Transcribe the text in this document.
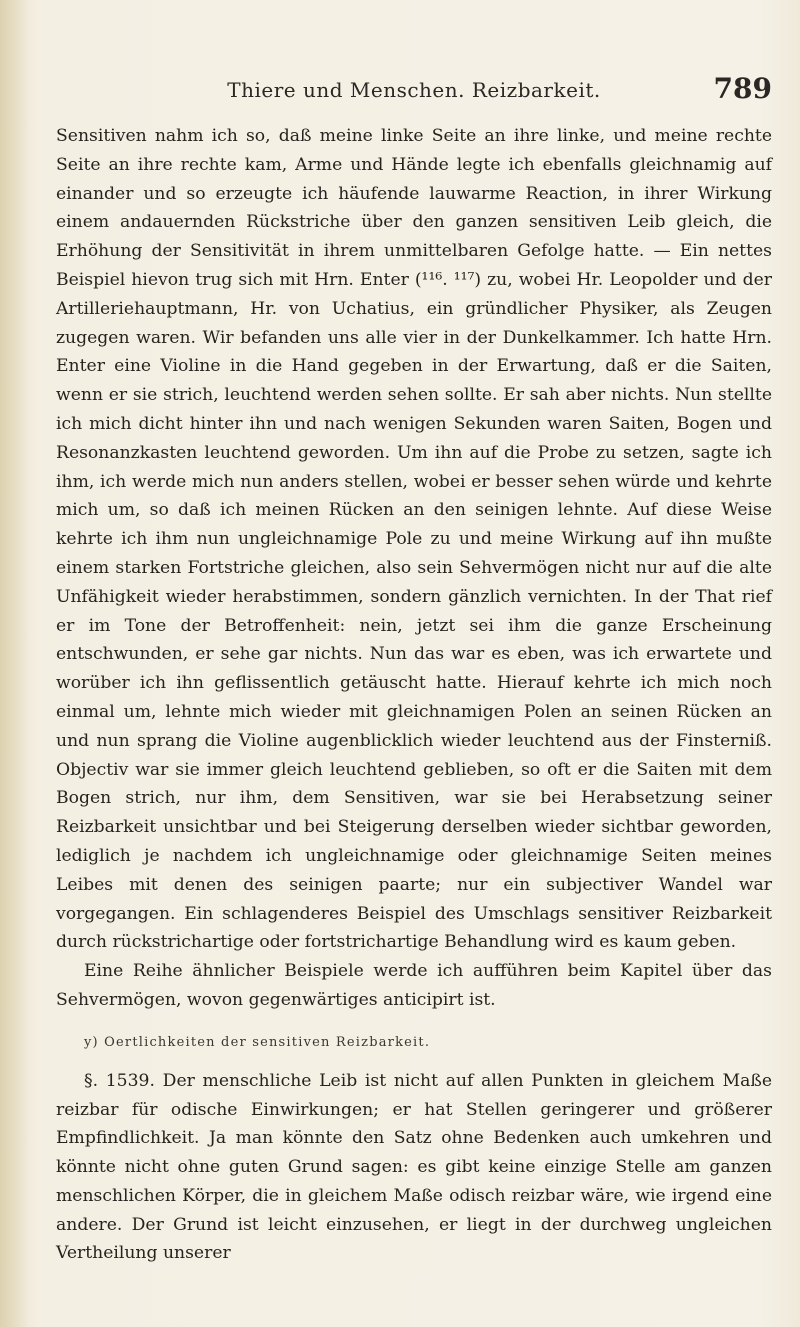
Thiere und Menschen. Reizbarkeit.	789

Sensitiven nahm ich so, daß meine linke Seite an ihre linke, und meine rechte Seite an ihre rechte kam, Arme und Hände legte ich ebenfalls gleichnamig auf einander und so erzeugte ich häufende lauwarme Reaction, in ihrer Wirkung einem andauernden Rückstriche über den ganzen sensitiven Leib gleich, die Erhöhung der Sensitivität in ihrem unmittelbaren Gefolge hatte. — Ein nettes Beispiel hievon trug sich mit Hrn. Enter (¹¹⁶. ¹¹⁷) zu, wobei Hr. Leopolder und der Artilleriehauptmann, Hr. von Uchatius, ein gründlicher Physiker, als Zeugen zugegen waren. Wir befanden uns alle vier in der Dunkelkammer. Ich hatte Hrn. Enter eine Violine in die Hand gegeben in der Erwartung, daß er die Saiten, wenn er sie strich, leuchtend werden sehen sollte. Er sah aber nichts. Nun stellte ich mich dicht hinter ihn und nach wenigen Sekunden waren Saiten, Bogen und Resonanzkasten leuchtend geworden. Um ihn auf die Probe zu setzen, sagte ich ihm, ich werde mich nun anders stellen, wobei er besser sehen würde und kehrte mich um, so daß ich meinen Rücken an den seinigen lehnte. Auf diese Weise kehrte ich ihm nun ungleichnamige Pole zu und meine Wirkung auf ihn mußte einem starken Fortstriche gleichen, also sein Sehvermögen nicht nur auf die alte Unfähigkeit wieder herabstimmen, sondern gänzlich vernichten. In der That rief er im Tone der Betroffenheit: nein, jetzt sei ihm die ganze Erscheinung entschwunden, er sehe gar nichts. Nun das war es eben, was ich erwartete und worüber ich ihn geflissentlich getäuscht hatte. Hierauf kehrte ich mich noch einmal um, lehnte mich wieder mit gleichnamigen Polen an seinen Rücken an und nun sprang die Violine augenblicklich wieder leuchtend aus der Finsterniß. Objectiv war sie immer gleich leuchtend geblieben, so oft er die Saiten mit dem Bogen strich, nur ihm, dem Sensitiven, war sie bei Herabsetzung seiner Reizbarkeit unsichtbar und bei Steigerung derselben wieder sichtbar geworden, lediglich je nachdem ich ungleichnamige oder gleichnamige Seiten meines Leibes mit denen des seinigen paarte; nur ein subjectiver Wandel war vorgegangen. Ein schlagenderes Beispiel des Umschlags sensitiver Reizbarkeit durch rückstrichartige oder fortstrichartige Behandlung wird es kaum geben.

Eine Reihe ähnlicher Beispiele werde ich aufführen beim Kapitel über das Sehvermögen, wovon gegenwärtiges anticipirt ist.

y) Oertlichkeiten der sensitiven Reizbarkeit.

§. 1539. Der menschliche Leib ist nicht auf allen Punkten in gleichem Maße reizbar für odische Einwirkungen; er hat Stellen geringerer und größerer Empfindlichkeit. Ja man könnte den Satz ohne Bedenken auch umkehren und könnte nicht ohne guten Grund sagen: es gibt keine einzige Stelle am ganzen menschlichen Körper, die in gleichem Maße odisch reizbar wäre, wie irgend eine andere. Der Grund ist leicht einzusehen, er liegt in der durchweg ungleichen Vertheilung unserer
